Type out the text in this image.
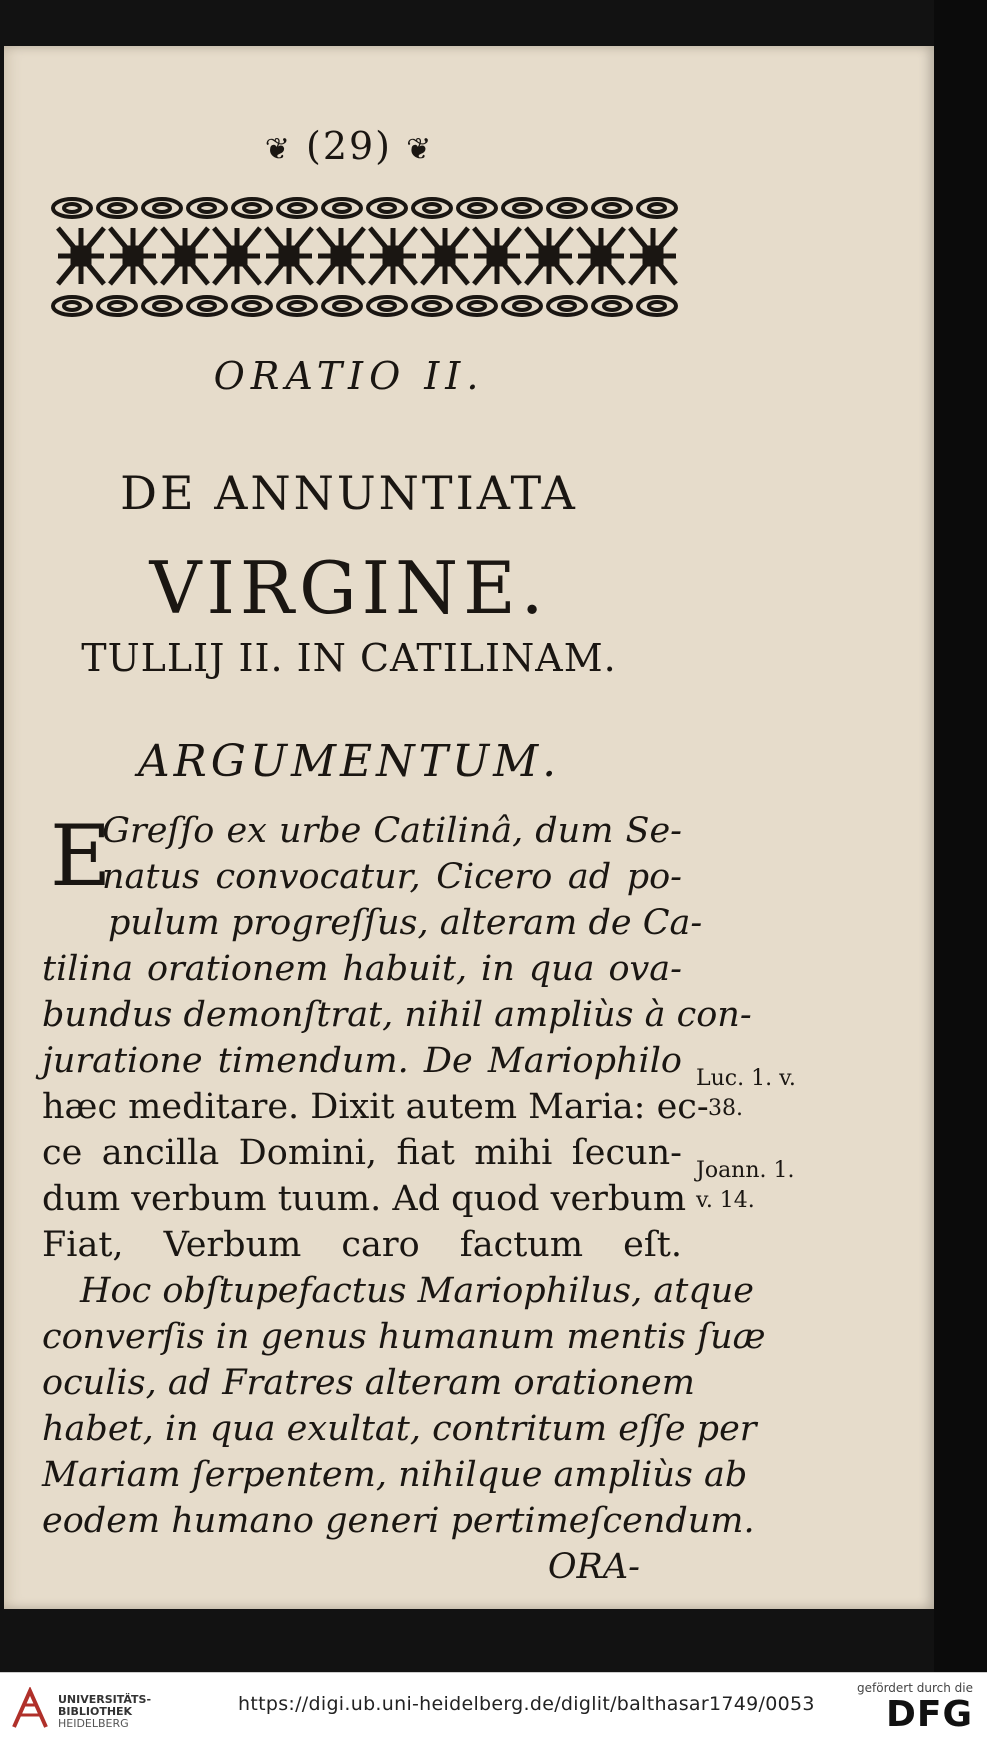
❦ (29) ❦
ORATIO II.
DE ANNUNTIATA
VIRGINE.
TULLIJ II. IN CATILINAM.
ARGUMENTUM.
E
Greſſo ex urbe Catilinâ, dum Se-
natus convocatur, Cicero ad po-
pulum progreſſus, alteram de Ca-
tilina orationem habuit, in qua ova-
bundus demonſtrat, nihil ampliùs à con-
juratione timendum. De Mariophilo
hæc meditare. Dixit autem Maria: ec-
ce ancilla Domini, fiat mihi ſecun-
dum verbum tuum. Ad quod verbum
Fiat, Verbum caro factum eſt.
Hoc obſtupefactus Mariophilus, atque
converſis in genus humanum mentis ſuæ
oculis, ad Fratres alteram orationem
habet, in qua exultat, contritum eſſe per
Mariam ſerpentem, nihilque ampliùs ab
eodem humano generi pertimeſcendum.
ORA-
Luc. 1. v.
38.
Joann. 1.
v. 14.
UNIVERSITÄTS-
BIBLIOTHEK
HEIDELBERG
https://digi.ub.uni-heidelberg.de/diglit/balthasar1749/0053
gefördert durch die
DFG
